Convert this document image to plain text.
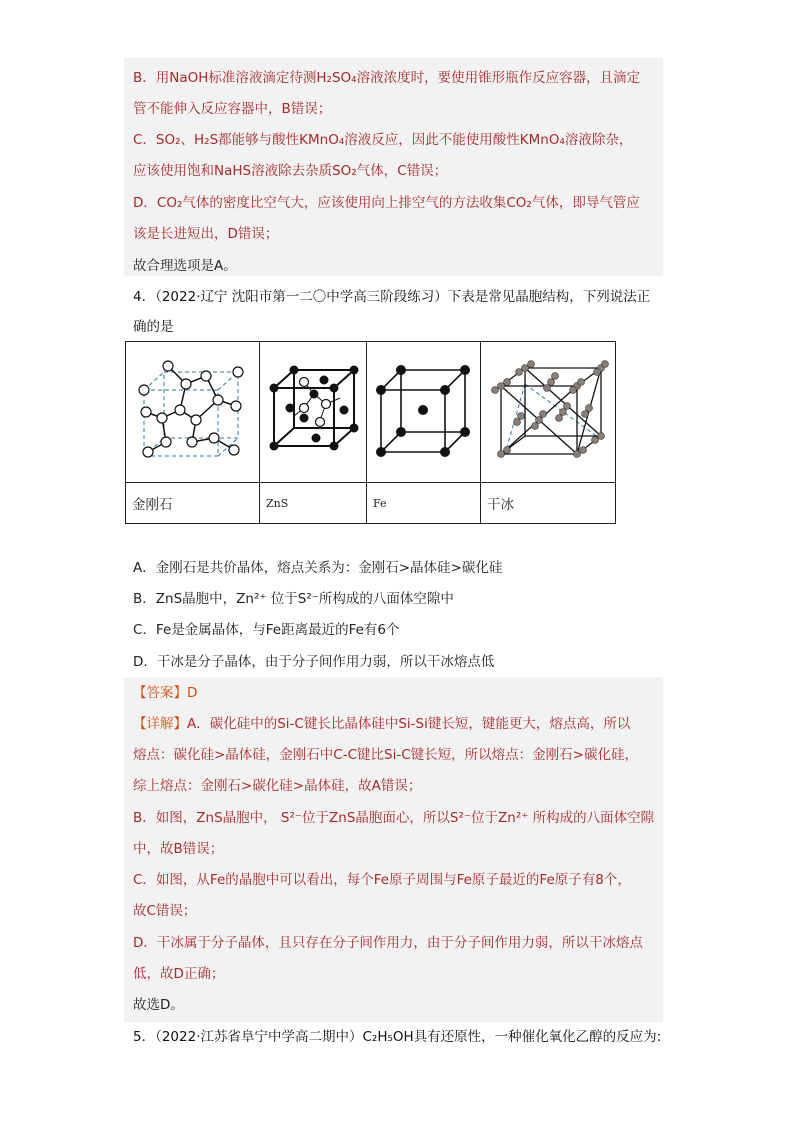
B．用NaOH标准溶液滴定待测H₂SO₄溶液浓度时，要使用锥形瓶作反应容器，且滴定
管不能伸入反应容器中，B错误；
C．SO₂、H₂S都能够与酸性KMnO₄溶液反应，因此不能使用酸性KMnO₄溶液除杂，
应该使用饱和NaHS溶液除去杂质SO₂气体，C错误；
D．CO₂气体的密度比空气大，应该使用向上排空气的方法收集CO₂气体，即导气管应
该是长进短出，D错误；
故合理选项是A。
4．（2022·辽宁 沈阳市第一二〇中学高三阶段练习）下表是常见晶胞结构，下列说法正
确的是

金刚石	ZnS	Fe	干冰
A．金刚石是共价晶体，熔点关系为：金刚石>晶体硅>碳化硅
B．ZnS晶胞中，Zn²⁺ 位于S²⁻所构成的八面体空隙中
C．Fe是金属晶体，与Fe距离最近的Fe有6个
D．干冰是分子晶体，由于分子间作用力弱，所以干冰熔点低
【答案】D
【详解】A．碳化硅中的Si-C键长比晶体硅中Si-Si键长短，键能更大，熔点高，所以
熔点：碳化硅>晶体硅，金刚石中C-C键比Si-C键长短，所以熔点：金刚石>碳化硅，
综上熔点：金刚石>碳化硅>晶体硅，故A错误；
B．如图，ZnS晶胞中， S²⁻位于ZnS晶胞面心，所以S²⁻位于Zn²⁺ 所构成的八面体空隙
中，故B错误；
C．如图，从Fe的晶胞中可以看出，每个Fe原子周围与Fe原子最近的Fe原子有8个，
故C错误；
D．干冰属于分子晶体，且只存在分子间作用力，由于分子间作用力弱，所以干冰熔点
低，故D正确；
故选D。
5．（2022·江苏省阜宁中学高二期中）C₂H₅OH具有还原性，一种催化氧化乙醇的反应为:
